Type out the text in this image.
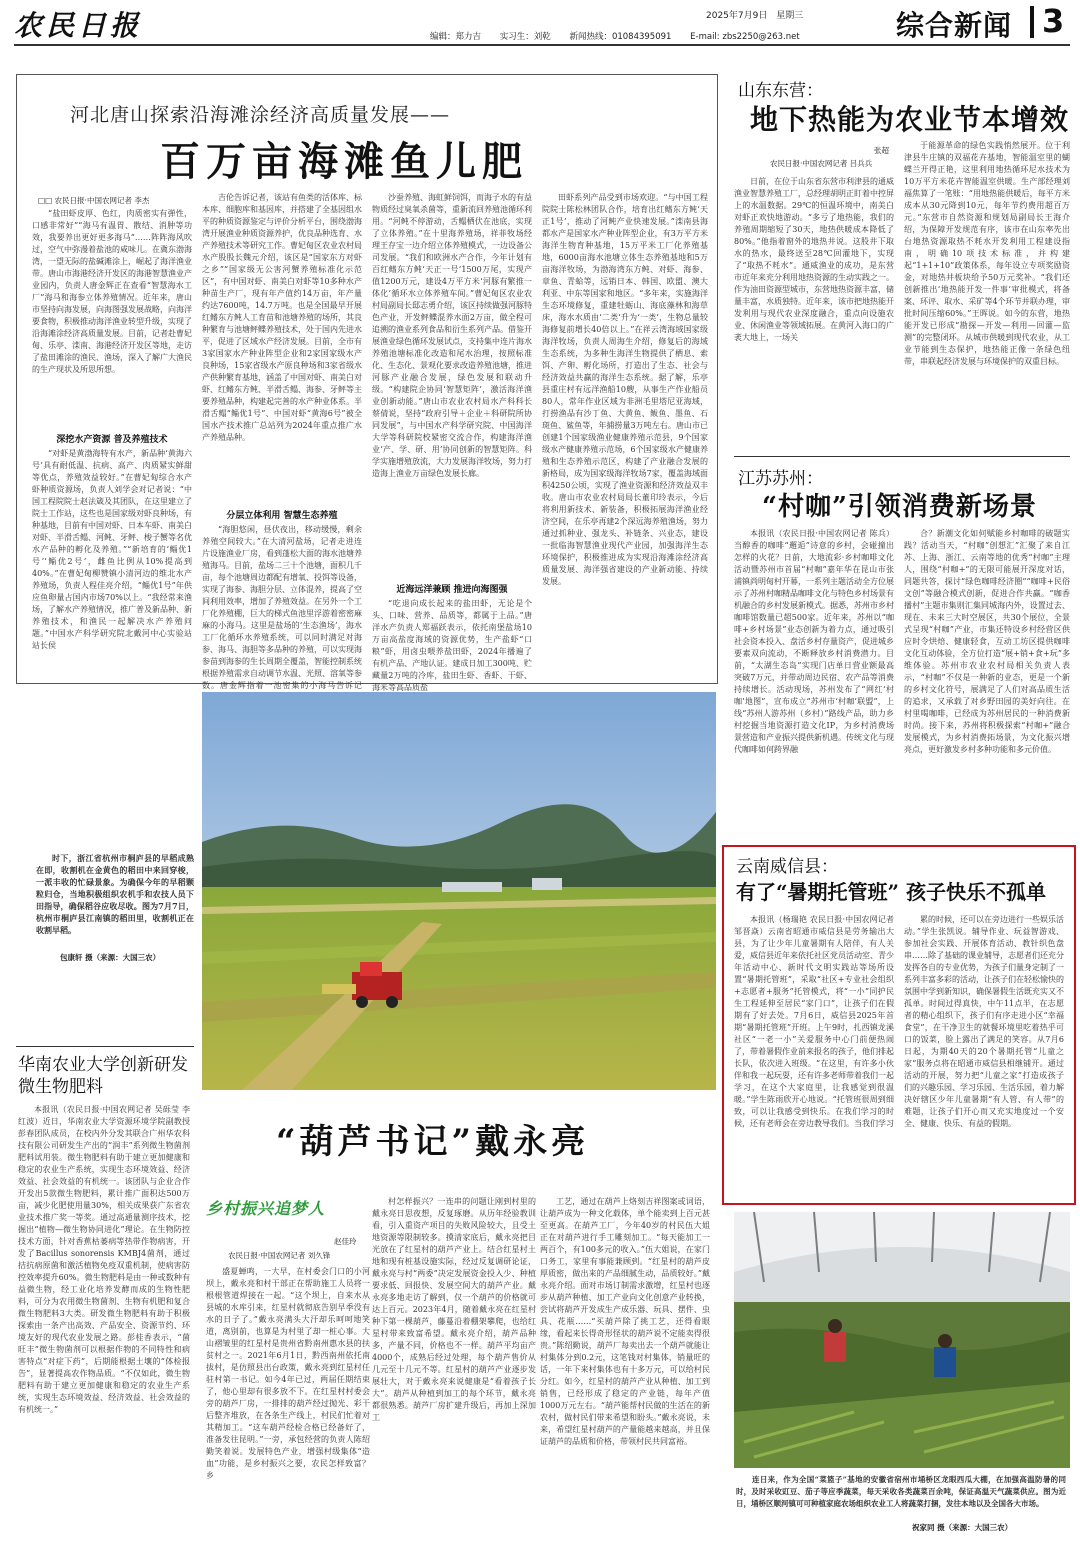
农民日报	2025年7月9日 星期三
编辑：郑力吉 实习生：刘乾 新闻热线：01084395091 E-mail: zbs2250@263.net	综合新闻 3
河北唐山探索沿海滩涂经济高质量发展——
百万亩海滩鱼儿肥
□□ 农民日报·中国农网记者 李杰
“盐田虾皮厚、色红，肉质密实有弹性，口感非常好”“海马有温胃、散结、消肿等功效，我要养出更好更多海马”……阵阵海风吹过，空气中弥漫着盐池的咸味儿。在冀东渤海湾，一望无际的盐碱滩涂上，崛起了海洋渔业带。唐山市海港经济开发区的海港智慧渔业产业园内，负责人唐金辉正在查看“智慧海水工厂”海马和海参立体养殖情况。近年来，唐山市坚持向海发展，向海图强发展战略，向海洋要食物，积极推动海洋渔业转型升级，实现了沿海滩涂经济高质量发展。目前，记者赴曹妃甸、乐亭、滦南、海港经济开发区等地，走访了盐田滩涂的渔民、渔场，深入了解广大渔民的生产现状及所思所想。
深挖水产资源 普及养殖技术
“对虾是黄渤海特有水产，新品种‘黄海六号’具有耐低温、抗病、高产、肉质紧实鲜甜等优点，养殖效益较好。”在曹妃甸综合水产虾种质资源场，负责人刘学会对记者说：“中国工程院院士赵法箴及其团队，在这里建立了院士工作站，这些也是国家级对虾良种场，有种基地，目前有中国对虾、日本车虾、南美白对虾、半滑舌鳎、河鲀、牙鲆、梭子蟹等名优水产品种的孵化及养殖。”“新培育的‘鲻优1号’‘鲻优2号’，雌鱼比例从10%提高到40%。”在曹妃甸柳赞镇小清河边的维北水产养殖场，负责人程佳亮介绍，“鲻优1号”年供应鱼卵量占国内市场70%以上。“我经常来渔场，了解水产养殖情况，推广普及新品种、新养殖技术，和渔民一起解决水产养殖问题。”中国水产科学研究院北戴河中心实验站站长侯
吉伦告诉记者，该站有鱼类的活体库、标本库、细胞库和基因库，并搭建了全基因组水平的种质资源鉴定与评价分析平台，围绕渤海湾开展渔业种质资源养护，优良品种选育、水产养殖技术等研究工作。曹妃甸区农业农村局水产股股长魏元介绍，该区是“国家东方对虾之乡”“国家级无公害河蟹养殖标准化示范区”，有中国对虾、南美白对虾等10多种水产种苗生产厂，现有年产值约14万亩，年产量约达7600吨，14.7万吨。也是全国最早开展红鳍东方鲀人工育苗和池塘养殖的场所，其良种繁育与池塘鲆鲽养殖技术，处于国内先进水平，促进了区域水产经济发展。目前，全市有3家国家水产种业阵型企业和2家国家级水产良种场，15家省级水产原良种场和3家省级水产供种繁育基地，涵盖了中国对虾、南美白对虾、红鳍东方鲀、半滑舌鳎、海参、牙鲆等主要养殖品种，构建起完善的水产种业体系。半滑舌鳎“鲻优1号”、中国对虾“黄海6号”被全国水产技术推广总站列为2024年重点推广水产养殖品种。
分层立体利用 智慧生态养殖
“海胆悠闲，昼伏夜出，移动缓慢，剩余养殖空间较大。”在大清河盐场，记者走进连片设施渔业厂房，看到蓬松大面的海水池塘养殖海马。目前，盐场二三十个池塘，面积几千亩，每个池塘周边都配有增氧、投饵等设备，实现了海参、海胆分层、立体混养，提高了空间利用效率，增加了养殖效益。在另外一个工厂化养殖棚，巨大的梯式鱼池里浮游着密密麻麻的小海马。这里是盐场的‘生态渔场’，海水工厂化循环水养殖系统，可以同时满足对海参、海马、海胆等多品种的养殖，可以实现海参苗到海参的生长周期全覆盖，智能控制系统根据养殖需求自动调节水温、光照、溶氧等参数。唐金辉指着一池密集的小海马告诉记
沙蚕养殖、海虹鲜饲饵，而海子水的有益物质经过臭氧杀菌等，重新流回养殖池循环利用。“河鲀不停游动，舌鳎栖伏在池底，实现了立体养殖。”在十里海养殖场，祥菲牧场经理王存宝一边介绍立体养殖模式，一边设备公司发展。“我们和欧洲水产合作，今年计划有百红鳍东方鲀‘天正一号’1500万尾，实现产值1200万元，建设4万平方米‘河豚有繁推一体化’循环水立体养殖车间。”曹妃甸区农业农村局副局长邸志勇介绍，该区持续做强河豚特色产业，开发鲆鲽混养水面2万亩，做全程可追溯的渔业系列食品和衍生系列产品。借鉴开展渔业绿色循环发展试点，支持集中连片海水养殖池塘标准化改造和尾水治理，按照标准化、生态化、景观化要求改造养殖池塘，推进河豚产业融合发展，绿色发展和联动升级。“构建院企协同‘智慧矩阵’，激活海洋渔业创新动能。”唐山市农业农村局水产科科长蔡倩说，坚持“政府引导＋企业＋科研院所协同发展”，与中国水产科学研究院、中国海洋大学等科研院校紧密交流合作，构建海洋渔业‘产、学、研、用’协同创新的智慧矩阵。科学实施增殖放流，大力发展海洋牧场，努力打造海上渔业万亩绿色发展长廊。
近海远洋兼顾 推进向海图强
“吃退向成长起来的盐田虾，无论是个头、口味、营养、品质等，都属于上品。”唐洋水产负责人郑福跃表示，依托南堡盐场10万亩高盐度海域的资源优势，生产盐虾“口粮”虾，用卤虫喂养盐田虾，2024年播遍了有机产品、产地认证。建成日加工300吨、贮藏量2万吨的冷库，盐田生虾、香虾、干虾、海米等高品质盐
田虾系列产品受到市场欢迎。“与中国工程院院士陈松林团队合作，培育出红鳍东方鲀‘天正1号’，推动了河鲀产业快速发展。”滦南县海都水产是国家水产种业阵型企业，有3万平方米海洋生物育种基地，15万平米工厂化养殖基地，6000亩海水池塘立体生态养殖基地和5万亩海洋牧场，为渤海湾东方鲀、对虾、海参、章鱼、青蛤等，远销日本、韩国、欧盟、澳大利亚、中东等国家和地区。“多年来，实施海洋生态环境修复，重建牡蛎山、海底藻林和海草床，海水水质由‘二类’升为‘一类’，生物总量较海修复前增长40倍以上。”在祥云湾海域国家级海洋牧场，负责人周海生介绍，修复后的海域生态系统，为多种生海洋生物提供了栖息、索饵、产卵、孵化场所，打造出了生态、社会与经济效益共赢的海洋生态系统。据了解，乐亭县重庄村有远洋渔船10艘，从事生产作业船员80人，常年作业区域为非洲毛里塔尼亚海域，打捞渔品有沙丁鱼、大黄鱼、鲅鱼、墨鱼、石斑鱼、鲨鱼等，年捕捞量3万吨左右。唐山市已创建1个国家级渔业健康养殖示范县，9个国家级水产健康养殖示范场，6个国家级水产健康养殖和生态养殖示范区，构建了产业融合发展的新格局，成为国家级海洋牧场7家，覆盖海域面积4250公顷，实现了渔业资源和经济效益双丰收。唐山市农业农村局局长董印玲表示，今后将利用新技术、新装备，积极拓展海洋渔业经济空间，在乐亭再建2个深远海养殖渔场，努力通过抓种业、强龙头、补链条、兴业态，建设一批临海智慧渔业现代产业园，加强海洋生态环境保护，积极推进成为实现沿海滩涂经济高质量发展、海洋强省建设的产业新动能、持续发展。
山东东营：
地下热能为农业节本增效
张超
农民日报·中国农网记者 吕兵兵
日前，在位于山东省东营市利津县的通威渔业智慧养殖工厂，总经理胡明正盯着中控屏上的水温数据。29℃的恒温环境中，南美白对虾正欢快地游动。“多亏了地热能，我们的养殖周期缩短了30天，地热供暖成本降低了80%。”他指着窗外的地热井说。这股井下取水的热水，最终送至28℃回灌地下，实现了“取热不耗水”。通威渔业的成功，是东营市近年来充分利用地热资源的生动实践之一。作为油田资源型城市，东营地热资源丰富，储量丰富，水质独特。近年来，该市把地热能开发利用与现代农业深度融合，重点向设施农业、休闲渔业等领域拓展。在黄河入海口的广袤大地上，一场关
于能源革命的绿色实践悄然展开。位于利津县牛庄镇的双福花卉基地，智能温室里的蝴蝶兰开得正艳，这里利用地热循环尼水技术为10万平方米花卉智能温室供暖。生产部经理刘福焦算了一笔账：“用地热能供暖后，每平方米成本从30元降到10元，每年节约费用超百万元。”东营市自然资源和规划局副局长王海介绍，为保障开发规范有序，该市在山东率先出台地热资源取热不耗水开发利用工程建设指南，明确10项技术标准，并构建起“1+1+10”政策体系，每年设立专项奖励资金，对地热井板块给予50万元奖补。“我们还创新推出‘地热能开发一件事’审批模式，将备案、环评、取水、采矿等4个环节并联办理，审批时间压缩60%。”王晖说。如今的东营，地热能开发已形成“勘探—开发—利用—回灌—监测”的完整闭环。从城市供暖到现代农业，从工业节能到生态保护，地热能正像一条绿色纽带，串联起经济发展与环境保护的双重目标。
江苏苏州：
“村咖”引领消费新场景
本报讯（农民日报·中国农网记者 陈兵）当醇香的咖啡“邂逅”诗意的乡村，会碰撞出怎样的火花？日前，大地流彩·乡村咖啡文化活动暨苏州市首届“村咖”嘉年华在昆山市张浦镇尚明甸村开幕，一系列主题活动全方位展示了苏州村咖精品咖啡文化与特色乡村场景有机融合的乡村发展新模式。据悉，苏州市乡村咖啡馆数量已超500家。近年来，苏州以“咖啡+乡村场景”业态创新为着力点，通过吸引社会资本投入、盘活乡村存量资产，促进城乡要素双向流动，不断释放乡村消费潜力。目前，“太湖生态岛”实现门店单日营业额最高突破7万元，并带动周边民宿、农产品等消费持续增长。活动现场，苏州发布了“网红‘村咖’地图”，宣布成立“苏州市‘村咖’联盟”，上线“苏州人游苏州（乡村）”路线产品，助力乡村挖掘当地资源打造文化IP，为乡村消费场景营造和产业振兴提供新机遇。传统文化与现代咖啡如何跨界融
合？新潮文化如何赋能乡村咖啡的破题实践？活动当天，“村咖”创想汇”汇聚了来自江苏、上海、浙江、云南等地的优秀“村咖”主理人，围绕“村咖+”的无限可能展开深度对话，同题共答，探讨“绿色咖啡经济圈”“咖啡+民俗文创”等融合模式创新，促进合作共赢。“咖香播村”主题市集则汇集同城海内外，设置过去、现在、未来三大时空展区，共30个展位，全景式呈现“村咖”产业，市集还特设乡村经营区供应时令烘焙、健康轻食，互动工坊区提供咖啡文化互动体验，全方位打造“展+销+食+玩”多维体验。苏州市农业农村局相关负责人表示，“村咖”不仅是一种新的业态，更是一个新的乡村文化符号，展满足了人们对高品质生活的追求，又承载了对乡野田园的美好向往。在村里喝咖啡，已经成为苏州居民的一种消费新时尚。接下来，苏州将积极探索“村咖+”融合发展模式，为乡村消费拓场景，为文化振兴增亮点，更好激发乡村多种功能和多元价值。
云南威信县：
有了“暑期托管班” 孩子快乐不孤单
本报讯（杨瑞艳 农民日报·中国农网记者 邹晋焱）云南省昭通市威信县是劳务输出大县，为了让少年儿童暑期有人陪伴，有人关爱，威信县近年来依托社区党员活动室、青少年活动中心、新时代文明实践站等场所设置“暑期托管班”，采取“社区+专业社会组织+志愿者+服务”托管模式，将“一小”同护民生工程延伸至居民“家门口”，让孩子们在假期有了好去处。7月6日，威信县2025年首期“暑期托管班”开班。上午9时，扎西镇龙溪社区“一老一小”关爱服务中心门前便热闹了，带着暑假作业前来报名的孩子，他们排起长队，依次进入班级。“在这里，有许多小伙伴和我一起玩耍，还有许多老师带着我们一起学习，在这个大家庭里，让我感觉到很温暖。”学生陈雨欣开心地说。“托管班很周到细致，可以让我感受到快乐。在我们学习的时候，还有老师会在旁边教导我们。当我们学习
累的时候，还可以在旁边进行一些娱乐活动。”学生张凯说。辅导作业、玩益智游戏、参加社会实践、开展体育活动、教针织色盘串……除了基础的课业辅导，志愿者们还充分发挥各自的专业优势，为孩子们量身定制了一系列丰富多彩的活动，让孩子们在轻松愉快的氛围中学到新知识，确保暑假生活既充实又不孤单。时间过得真快，中午11点半，在志愿者的精心组织下，孩子们有序走进小区“幸福食堂”，在干净卫生的就餐环境里吃着热乎可口的饭菜，脸上露出了满足的笑容。从7月6日起，为期40天的20个暑期托管“儿童之家”服务点将在昭通市威信县相继铺开。通过活动的开展，努力把“儿童之家”打造成孩子们的兴趣乐园、学习乐园、生活乐园，着力解决好辖区少年儿童暑期“有人管、有人带”的难题，让孩子们开心而又充实地度过一个安全、健康、快乐、有益的假期。
时下，浙江省杭州市桐庐县的早稻成熟在即，收割机在金黄色的稻田中来回穿梭，一派丰收的忙碌景象。为确保今年的早稻颗粒归仓，当地积极组织农机手和农技人员下田指导，确保稻谷应收尽收。图为7月7日，杭州市桐庐县江南镇的稻田里，收割机正在收割早稻。
包康轩 摄（来源：大国三农）
华南农业大学创新研发微生物肥料
本报讯（农民日报·中国农网记者 吴砾莹 李红波）近日，华南农业大学资源环境学院副教授彭春团队成员，在校内外分发其联合广州华农科技有限公司研发生产出的“润丰”系列微生物菌剂肥料试用装。微生物肥料有助于建立更加健康和稳定的农业生产系统，实现生态环境效益、经济效益、社会效益的有机统一。该团队与企业合作开发出5款微生物肥料，累计推广面积达500万亩，减少化肥使用量30%，相关成果获广东省农业技术推广奖一等奖。通过高通量测序技术，挖掘出“植物—微生物协同进化”理论。在生物防控技术方面，针对香蕉枯萎病等热带作物病害，开发了Bacillus sonorensis KMBJ4菌剂，通过拮抗病原菌和激活植物免疫双重机制，使病害防控效率提升60%。微生物肥料是由一种或数种有益微生物，经工业化培养发酵而成的生物性肥料，可分为农用微生物菌剂、生物有机肥和复合微生物肥料3大类。研发微生物肥料有助于积极探索由一条产出高效、产品安全、资源节约、环境友好的现代农业发展之路。彭桂香表示，“菌旺丰”微生物菌剂可以根据作物的不同特性和病害特点“对症下药”，后期能根据土壤的“体检报告”，显著提高农作物品质。“不仅如此，微生物肥料有助于建立更加健康和稳定的农业生产系统，实现生态环境效益、经济效益、社会效益的有机统一。”
“葫芦书记”戴永亮
乡村振兴追梦人
赵佳玲
农民日报·中国农网记者 刘久锋
盛夏蝉鸣，一大早，在村委会门口的小河坝上，戴永亮和村干部正在帮助施工人员将一根根管道焊接在一起。“这个坝上，自来水从县城的水库引来，红星村就彻底告别早季没有水的日子了。”戴永亮满头大汗却乐呵呵地笑道，离别前，也算是为村里了却一桩心事。大山褶皱里的红星村是贵州省黔南州惠水县的扶贫村之一。2021年6月1日，黔西南州依托南拔村，是仿照县出台政策，戴永亮到红星村任驻村第一书记。如今4年已过，两届任期结束了，他心里却有很多放不下。在红星村村委会旁的葫芦厂房，一排排的葫芦经过抛光、彩干后整齐堆放，在各条生产线上，村民们忙着对其精加工。“这车葫芦经检合格已经备好了，准备发往昆明。”一旁，承包经营的负责人陈绍勤笑着说。发展特色产业，增强村级集体“造血”功能，是乡村振兴之要，农民怎样致富？乡
村怎样振兴？一连串的问题让刚到村里的戴永亮日思夜想，反复琢磨。从历年经验教训看，引入重资产项目的失败风险较大，且受土地资源等限制较多。摸清家底后，戴永亮把目光放在了红星村的葫芦产业上。结合红星村土地和现有桩基设施实际，经过反复调研论证，戴永亮与村“两委”决定发展资金投入少、种植要求低、回报快、发展空间大的葫芦产业。戴永亮多地走访了解到，仅一个葫芦的价格就可达上百元。2023年4月，随着戴永亮在红星村种下第一棵葫芦，藤蔓沿着棚架攀爬，也给红星村带来致富希望。戴永亮介绍，葫芦品种多，产量不同，价格也不一样。葫芦平均亩产4000个，成熟后经过处理，每个葫芦售价从几元至十几元不等。红星村的葫芦产业逐步发展壮大，对于戴永亮来说健康是“看着孩子长大”。葫芦从种植到加工的每个环节，戴永亮都很熟悉。葫芦厂房扩建升级后，再加上深加工
工艺，通过在葫芦上烙刻吉祥图案或词语，让葫芦成为一种文化载体，单个能卖到上百元甚至更高。在葫芦工厂，今年40岁的村民伍大姐正在对葫芦进行手工雕刻加工。“每天能加工一两百个，有100多元的收入。”伍大姐说，在家门口务工，家里有事能兼顾到。“红星村的葫芦皮厚质密，做出来的产品细腻生动，品质较好。”戴永亮介绍。面对市场订制需求激增，红星村也逐步从葫芦种植、加工产业向文化创意产业转换，尝试将葫芦开发成生产成乐器、玩具、摆件、虫具、花瓶……“买葫芦除了挑工艺，还得看眼缘，看起来长得奇形怪状的葫芦说不定能卖得很贵。”陈绍勤说，葫芦厂每卖出去一个葫芦就能让村集体分到0.2元，这笔钱对村集体，销量旺的话，一年下来村集体也有十多万元，可以给村民分红。如今，红星村的葫芦产业从种植、加工到销售，已经形成了稳定的产业链，每年产值1000万元左右。“葫芦能帮村民做的生活在的新农村，做村民们带来希望和盼头。”戴永亮说，未来，希望红星村葫芦的产量能越来越高，并且保证葫芦的品质和价格，带领村民共同富裕。
连日来，作为全国“菜篮子”基地的安徽省宿州市埇桥区龙眼西瓜大棚，在加强高温防暑的同时，及时采收豇豆、茄子等应季蔬菜，每天采收各类蔬菜百余吨，保证高温天气蔬菜供应。图为近日，埇桥区顺河镇可可种植家庭农场组织农业工人将蔬菜打捆，发往本地以及全国各大市场。
祝家同 摄（来源：大国三农）
